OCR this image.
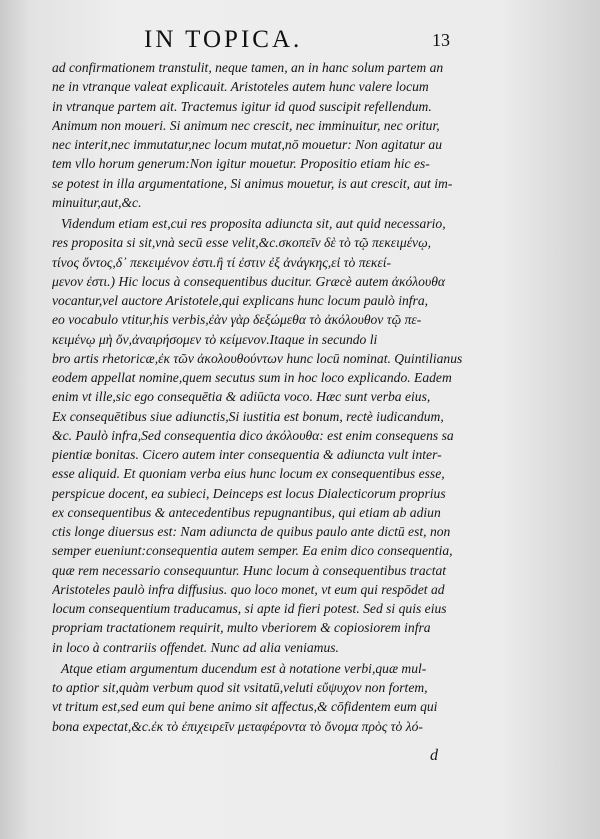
IN TOPICA.	13
ad confirmationem transtulit, neque tamen, an in hanc solum partem an
ne in vtranque valeat explicauit. Aristoteles autem hunc valere locum
in vtranque partem ait. Tractemus igitur id quod suscipit refellendum.
Animum non moueri. Si animum nec crescit, nec imminuitur, nec oritur,
nec interit,nec immutatur,nec locum mutat,nō mouetur: Non agitatur au
tem vllo horum generum:Non igitur mouetur. Propositio etiam hic es-
se potest in illa argumentatione, Si animus mouetur, is aut crescit, aut im-
minuitur,aut,&c.
Videndum etiam est,cui res proposita adiuncta sit, aut quid necessario,
res proposita si sit,vnà secū esse velit,&c.σκοπεῖν δὲ τὸ τῷ πεκειμένῳ,
τίνος ὄντος,δ᾽ πεκειμένον ἐστι.ἢ τί ἐστιν ἐξ ἀνάγκης,εἰ τὸ πεκεί-
μενον ἐστι.) Hic locus à consequentibus ducitur. Græcè autem ἀκόλουθα
vocantur,vel auctore Aristotele,qui explicans hunc locum paulò infra,
eo vocabulo vtitur,his verbis,ἐὰν γὰρ δεξώμεθα τὸ ἀκόλουθον τῷ πε-
κειμένῳ μὴ ὄν,ἀναιρήσομεν τὸ κείμενον.Itaque in secundo li
bro artis rhetoricæ,ἐκ τῶν ἀκολουθούντων hunc locū nominat. Quintilianus
eodem appellat nomine,quem secutus sum in hoc loco explicando. Eadem
enim vt ille,sic ego consequētia & adiūcta voco. Hæc sunt verba eius,
Ex consequētibus siue adiunctis,Si iustitia est bonum, rectè iudicandum,
&c. Paulò infra,Sed consequentia dico ἀκόλουθα: est enim consequens sa
pientiæ bonitas. Cicero autem inter consequentia & adiuncta vult inter-
esse aliquid. Et quoniam verba eius hunc locum ex consequentibus esse,
perspicue docent, ea subieci, Deinceps est locus Dialecticorum proprius
ex consequentibus & antecedentibus repugnantibus, qui etiam ab adiun
ctis longe diuersus est: Nam adiuncta de quibus paulo ante dictū est, non
semper eueniunt:consequentia autem semper. Ea enim dico consequentia,
quæ rem necessario consequuntur. Hunc locum à consequentibus tractat
Aristoteles paulò infra diffusius. quo loco monet, vt eum qui respōdet ad
locum consequentium traducamus, si apte id fieri potest. Sed si quis eius
propriam tractationem requirit, multo vberiorem & copiosiorem infra
in loco à contrariis offendet. Nunc ad alia veniamus.
Atque etiam argumentum ducendum est à notatione verbi,quæ mul-
to aptior sit,quàm verbum quod sit vsitatū,veluti εὔψυχον non fortem,
vt tritum est,sed eum qui bene animo sit affectus,& cōfidentem eum qui
bona expectat,&c.ἐκ τὸ ἐπιχειρεῖν μεταφέροντα τὸ ὄνομα πρὸς τὸ λό-
d
